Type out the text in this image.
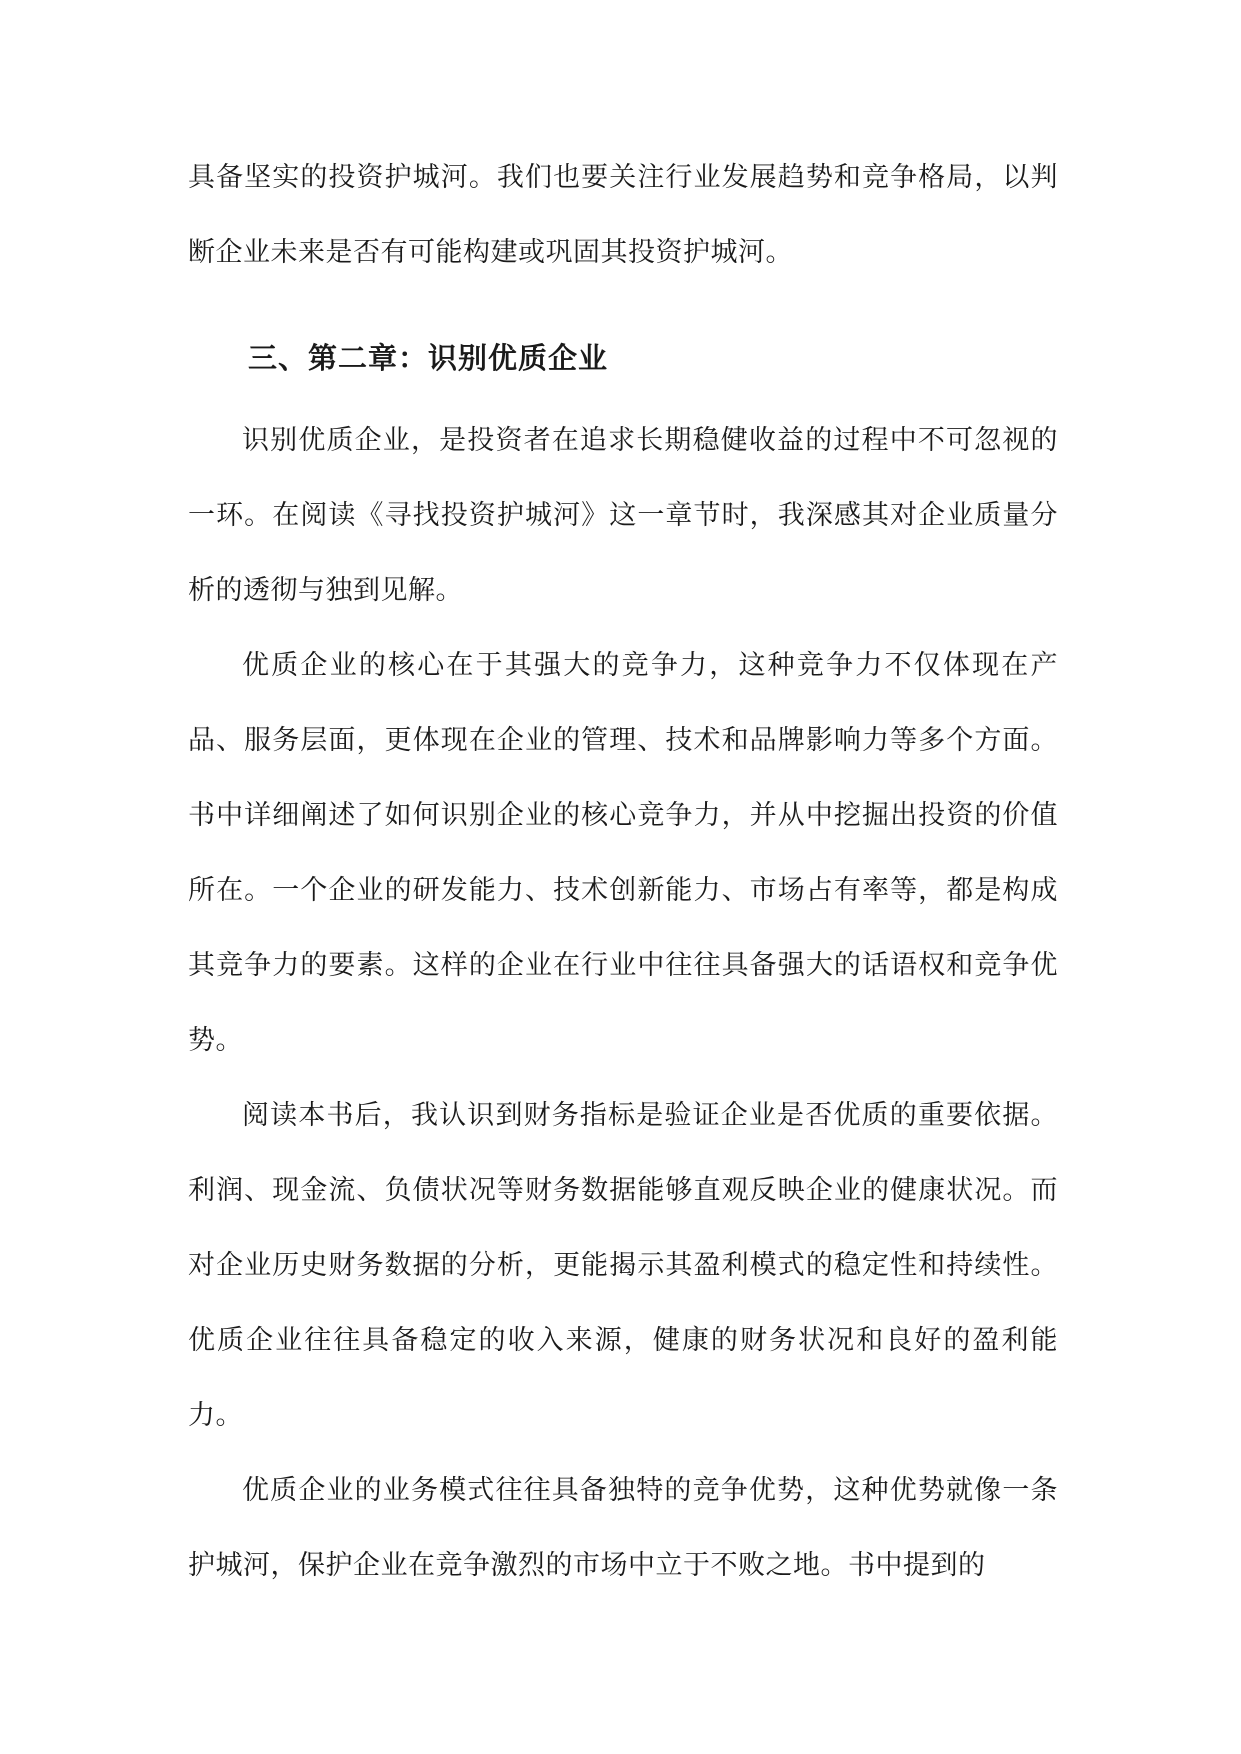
具备坚实的投资护城河。我们也要关注行业发展趋势和竞争格局，以判断企业未来是否有可能构建或巩固其投资护城河。

三、第二章：识别优质企业

识别优质企业，是投资者在追求长期稳健收益的过程中不可忽视的一环。在阅读《寻找投资护城河》这一章节时，我深感其对企业质量分析的透彻与独到见解。

优质企业的核心在于其强大的竞争力，这种竞争力不仅体现在产品、服务层面，更体现在企业的管理、技术和品牌影响力等多个方面。书中详细阐述了如何识别企业的核心竞争力，并从中挖掘出投资的价值所在。一个企业的研发能力、技术创新能力、市场占有率等，都是构成其竞争力的要素。这样的企业在行业中往往具备强大的话语权和竞争优势。

阅读本书后，我认识到财务指标是验证企业是否优质的重要依据。利润、现金流、负债状况等财务数据能够直观反映企业的健康状况。而对企业历史财务数据的分析，更能揭示其盈利模式的稳定性和持续性。优质企业往往具备稳定的收入来源，健康的财务状况和良好的盈利能力。

优质企业的业务模式往往具备独特的竞争优势，这种优势就像一条护城河，保护企业在竞争激烈的市场中立于不败之地。书中提到的
